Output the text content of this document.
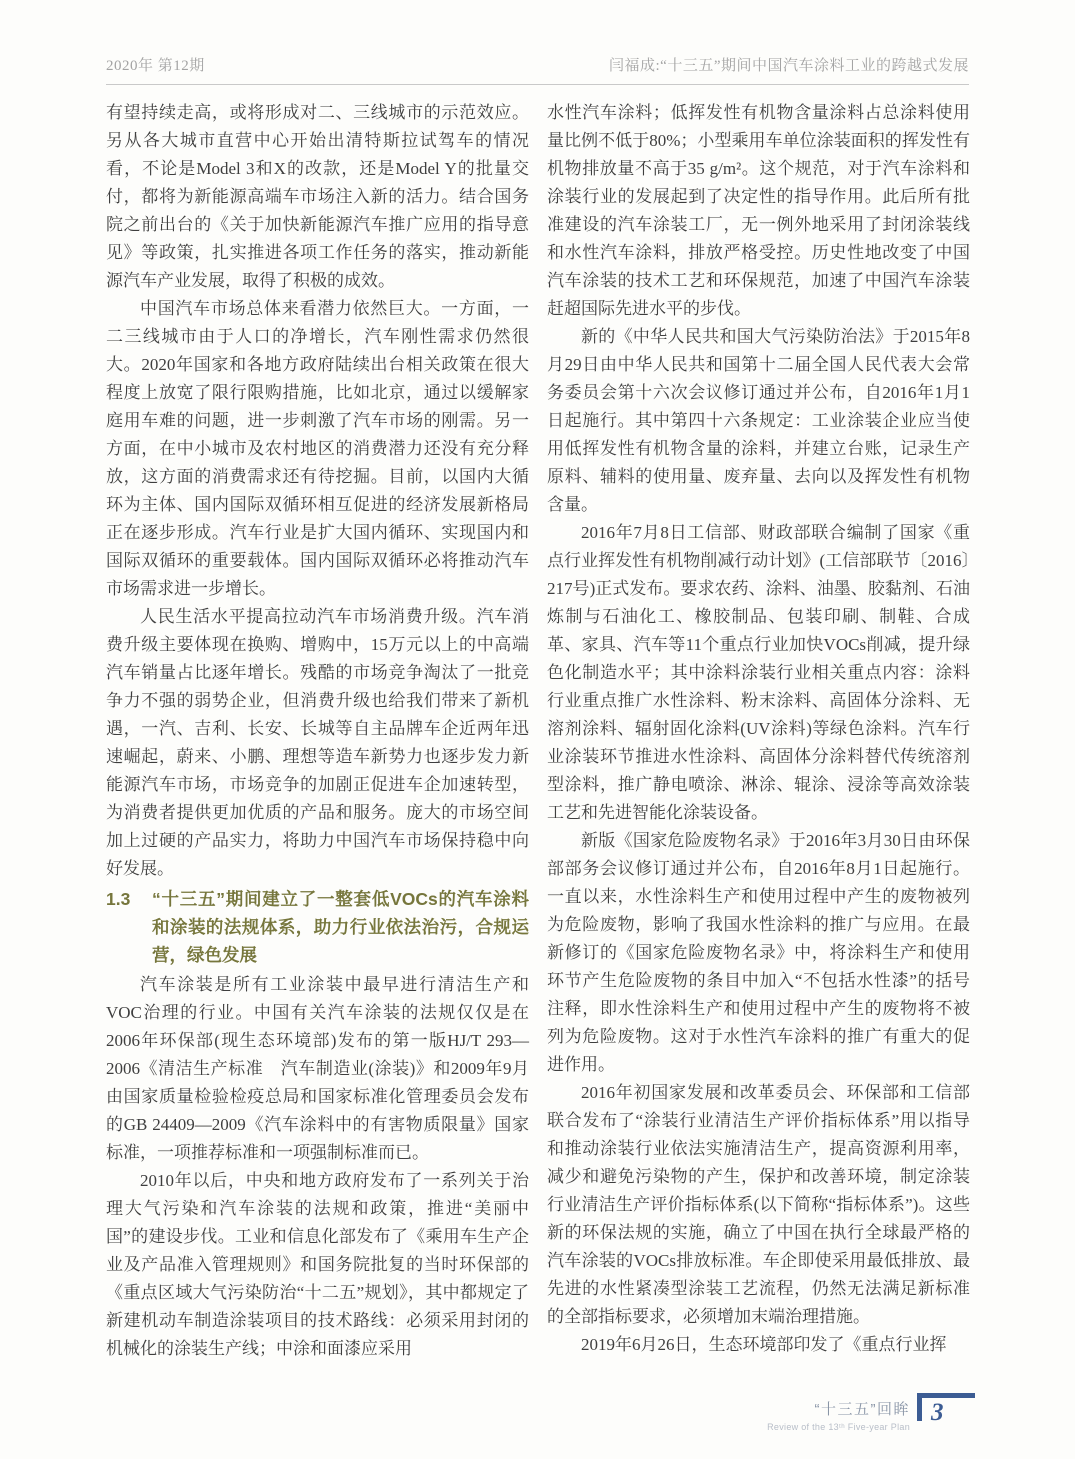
2020年 第12期	闫福成:“十三五”期间中国汽车涂料工业的跨越式发展

有望持续走高，或将形成对二、三线城市的示范效应。另从各大城市直营中心开始出清特斯拉试驾车的情况看，不论是Model 3和X的改款，还是Model Y的批量交付，都将为新能源高端车市场注入新的活力。结合国务院之前出台的《关于加快新能源汽车推广应用的指导意见》等政策，扎实推进各项工作任务的落实，推动新能源汽车产业发展，取得了积极的成效。

中国汽车市场总体来看潜力依然巨大。一方面，一二三线城市由于人口的净增长，汽车刚性需求仍然很大。2020年国家和各地方政府陆续出台相关政策在很大程度上放宽了限行限购措施，比如北京，通过以缓解家庭用车难的问题，进一步刺激了汽车市场的刚需。另一方面，在中小城市及农村地区的消费潜力还没有充分释放，这方面的消费需求还有待挖掘。目前，以国内大循环为主体、国内国际双循环相互促进的经济发展新格局正在逐步形成。汽车行业是扩大国内循环、实现国内和国际双循环的重要载体。国内国际双循环必将推动汽车市场需求进一步增长。

人民生活水平提高拉动汽车市场消费升级。汽车消费升级主要体现在换购、增购中，15万元以上的中高端汽车销量占比逐年增长。残酷的市场竞争淘汰了一批竞争力不强的弱势企业，但消费升级也给我们带来了新机遇，一汽、吉利、长安、长城等自主品牌车企近两年迅速崛起，蔚来、小鹏、理想等造车新势力也逐步发力新能源汽车市场，市场竞争的加剧正促进车企加速转型，为消费者提供更加优质的产品和服务。庞大的市场空间加上过硬的产品实力，将助力中国汽车市场保持稳中向好发展。

1.3	“十三五”期间建立了一整套低VOCs的汽车涂料和涂装的法规体系，助力行业依法治污，合规运营，绿色发展

汽车涂装是所有工业涂装中最早进行清洁生产和VOC治理的行业。中国有关汽车涂装的法规仅仅是在2006年环保部(现生态环境部)发布的第一版HJ/T 293—2006《清洁生产标准　汽车制造业(涂装)》和2009年9月由国家质量检验检疫总局和国家标准化管理委员会发布的GB 24409—2009《汽车涂料中的有害物质限量》国家标准，一项推荐标准和一项强制标准而已。

2010年以后，中央和地方政府发布了一系列关于治理大气污染和汽车涂装的法规和政策，推进“美丽中国”的建设步伐。工业和信息化部发布了《乘用车生产企业及产品准入管理规则》和国务院批复的当时环保部的《重点区域大气污染防治“十二五”规划》，其中都规定了新建机动车制造涂装项目的技术路线：必须采用封闭的机械化的涂装生产线；中涂和面漆应采用

水性汽车涂料；低挥发性有机物含量涂料占总涂料使用量比例不低于80%；小型乘用车单位涂装面积的挥发性有机物排放量不高于35 g/m²。这个规范，对于汽车涂料和涂装行业的发展起到了决定性的指导作用。此后所有批准建设的汽车涂装工厂，无一例外地采用了封闭涂装线和水性汽车涂料，排放严格受控。历史性地改变了中国汽车涂装的技术工艺和环保规范，加速了中国汽车涂装赶超国际先进水平的步伐。

新的《中华人民共和国大气污染防治法》于2015年8月29日由中华人民共和国第十二届全国人民代表大会常务委员会第十六次会议修订通过并公布，自2016年1月1日起施行。其中第四十六条规定：工业涂装企业应当使用低挥发性有机物含量的涂料，并建立台账，记录生产原料、辅料的使用量、废弃量、去向以及挥发性有机物含量。

2016年7月8日工信部、财政部联合编制了国家《重点行业挥发性有机物削减行动计划》(工信部联节〔2016〕217号)正式发布。要求农药、涂料、油墨、胶黏剂、石油炼制与石油化工、橡胶制品、包装印刷、制鞋、合成革、家具、汽车等11个重点行业加快VOCs削减，提升绿色化制造水平；其中涂料涂装行业相关重点内容：涂料行业重点推广水性涂料、粉末涂料、高固体分涂料、无溶剂涂料、辐射固化涂料(UV涂料)等绿色涂料。汽车行业涂装环节推进水性涂料、高固体分涂料替代传统溶剂型涂料，推广静电喷涂、淋涂、辊涂、浸涂等高效涂装工艺和先进智能化涂装设备。

新版《国家危险废物名录》于2016年3月30日由环保部部务会议修订通过并公布，自2016年8月1日起施行。一直以来，水性涂料生产和使用过程中产生的废物被列为危险废物，影响了我国水性涂料的推广与应用。在最新修订的《国家危险废物名录》中，将涂料生产和使用环节产生危险废物的条目中加入“不包括水性漆”的括号注释，即水性涂料生产和使用过程中产生的废物将不被列为危险废物。这对于水性汽车涂料的推广有重大的促进作用。

2016年初国家发展和改革委员会、环保部和工信部联合发布了“涂装行业清洁生产评价指标体系”用以指导和推动涂装行业依法实施清洁生产，提高资源利用率，减少和避免污染物的产生，保护和改善环境，制定涂装行业清洁生产评价指标体系(以下简称“指标体系”)。这些新的环保法规的实施，确立了中国在执行全球最严格的汽车涂装的VOCs排放标准。车企即使采用最低排放、最先进的水性紧凑型涂装工艺流程，仍然无法满足新标准的全部指标要求，必须增加末端治理措施。

2019年6月26日，生态环境部印发了《重点行业挥

“十三五”回眸
Review of the 13ᵗʰ Five-year Plan
3
